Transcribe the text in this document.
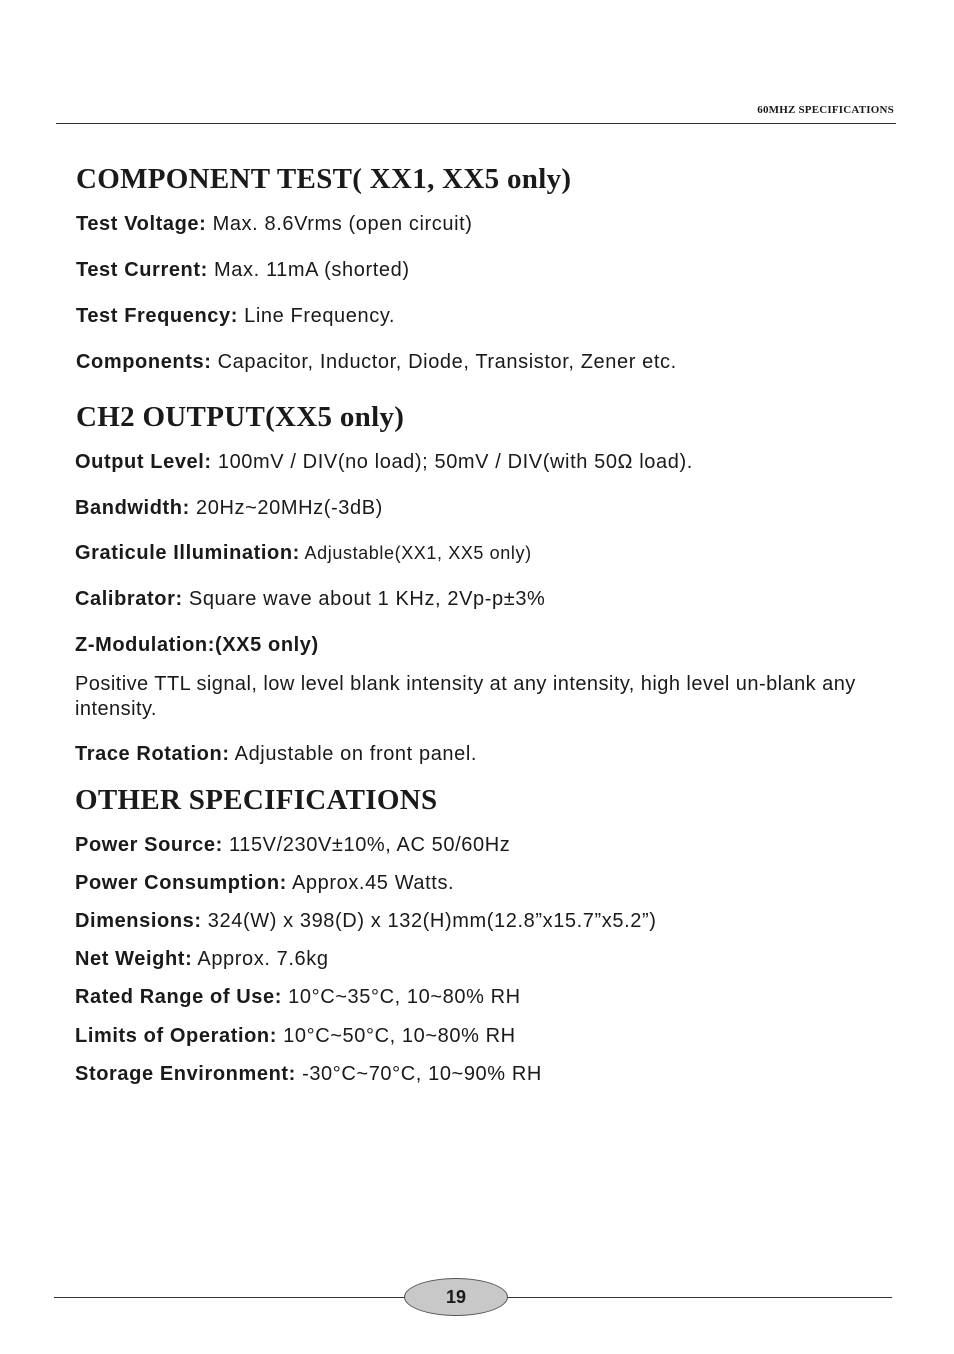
60MHZ SPECIFICATIONS
COMPONENT TEST( XX1, XX5 only)

Test Voltage: Max. 8.6Vrms (open circuit)

Test Current: Max. 11mA (shorted)

Test Frequency: Line Frequency.

Components: Capacitor, Inductor, Diode, Transistor, Zener etc.

CH2 OUTPUT(XX5 only)

Output Level: 100mV / DIV(no load); 50mV / DIV(with 50Ω load).

Bandwidth: 20Hz~20MHz(-3dB)

Graticule Illumination: Adjustable(XX1, XX5 only)

Calibrator: Square wave about 1 KHz, 2Vp-p±3%

Z-Modulation:(XX5 only)

Positive TTL signal, low level blank intensity at any intensity, high level un-blank any intensity.

Trace Rotation: Adjustable on front panel.

OTHER SPECIFICATIONS

Power Source: 115V/230V±10%, AC 50/60Hz

Power Consumption: Approx.45 Watts.

Dimensions: 324(W) x 398(D) x 132(H)mm(12.8”x15.7”x5.2”)

Net Weight: Approx. 7.6kg

Rated Range of Use: 10°C~35°C, 10~80% RH

Limits of Operation: 10°C~50°C, 10~80% RH

Storage Environment: -30°C~70°C, 10~90% RH

19
